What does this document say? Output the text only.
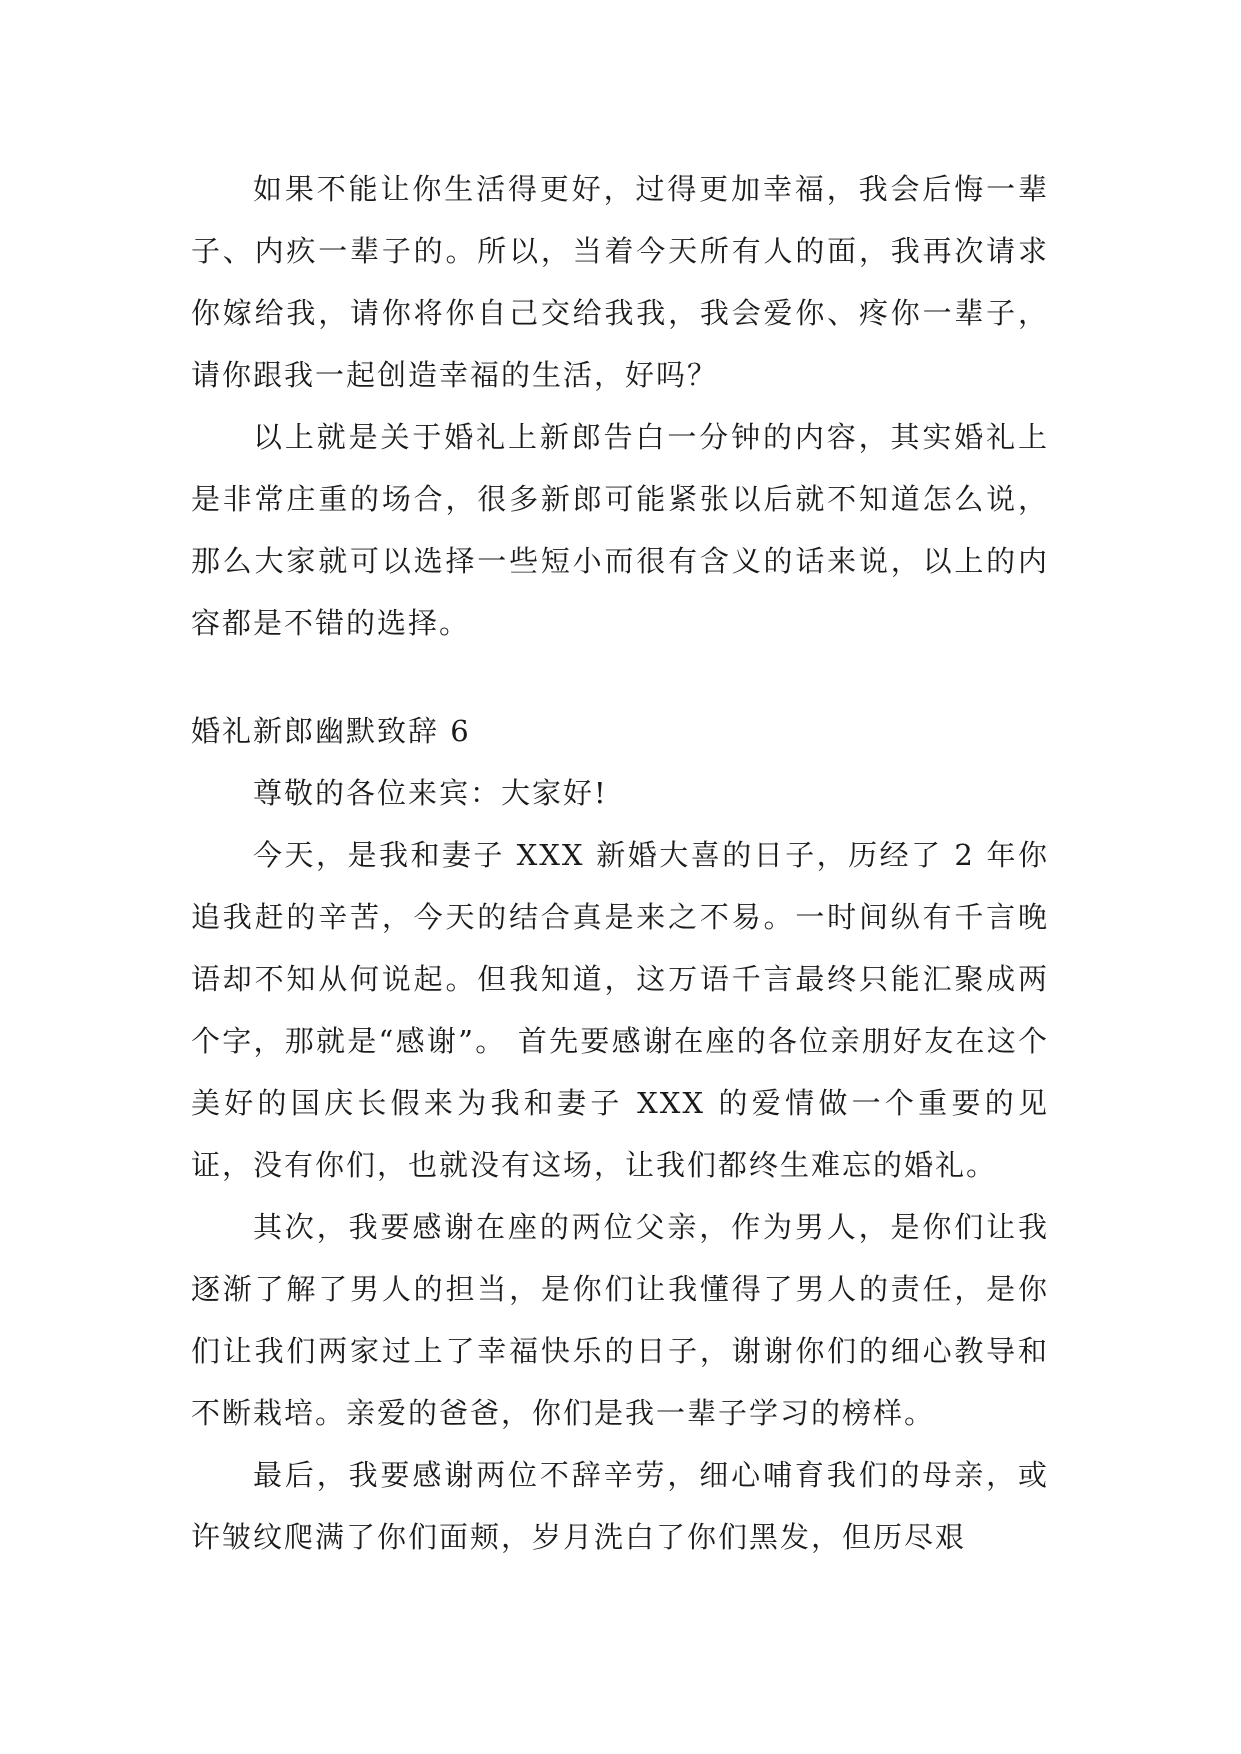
如果不能让你生活得更好，过得更加幸福，我会后悔一辈子、内疚一辈子的。所以，当着今天所有人的面，我再次请求你嫁给我，请你将你自己交给我我，我会爱你、疼你一辈子，请你跟我一起创造幸福的生活，好吗？

以上就是关于婚礼上新郎告白一分钟的内容，其实婚礼上是非常庄重的场合，很多新郎可能紧张以后就不知道怎么说，那么大家就可以选择一些短小而很有含义的话来说，以上的内容都是不错的选择。

婚礼新郎幽默致辞 6

尊敬的各位来宾：大家好!

今天，是我和妻子 XXX 新婚大喜的日子，历经了 2 年你追我赶的辛苦，今天的结合真是来之不易。一时间纵有千言晚语却不知从何说起。但我知道，这万语千言最终只能汇聚成两个字，那就是“感谢”。 首先要感谢在座的各位亲朋好友在这个美好的国庆长假来为我和妻子 XXX 的爱情做一个重要的见证，没有你们，也就没有这场，让我们都终生难忘的婚礼。

其次，我要感谢在座的两位父亲，作为男人，是你们让我逐渐了解了男人的担当，是你们让我懂得了男人的责任，是你们让我们两家过上了幸福快乐的日子，谢谢你们的细心教导和不断栽培。亲爱的爸爸，你们是我一辈子学习的榜样。

最后，我要感谢两位不辞辛劳，细心哺育我们的母亲，或许皱纹爬满了你们面颊，岁月洗白了你们黑发，但历尽艰
